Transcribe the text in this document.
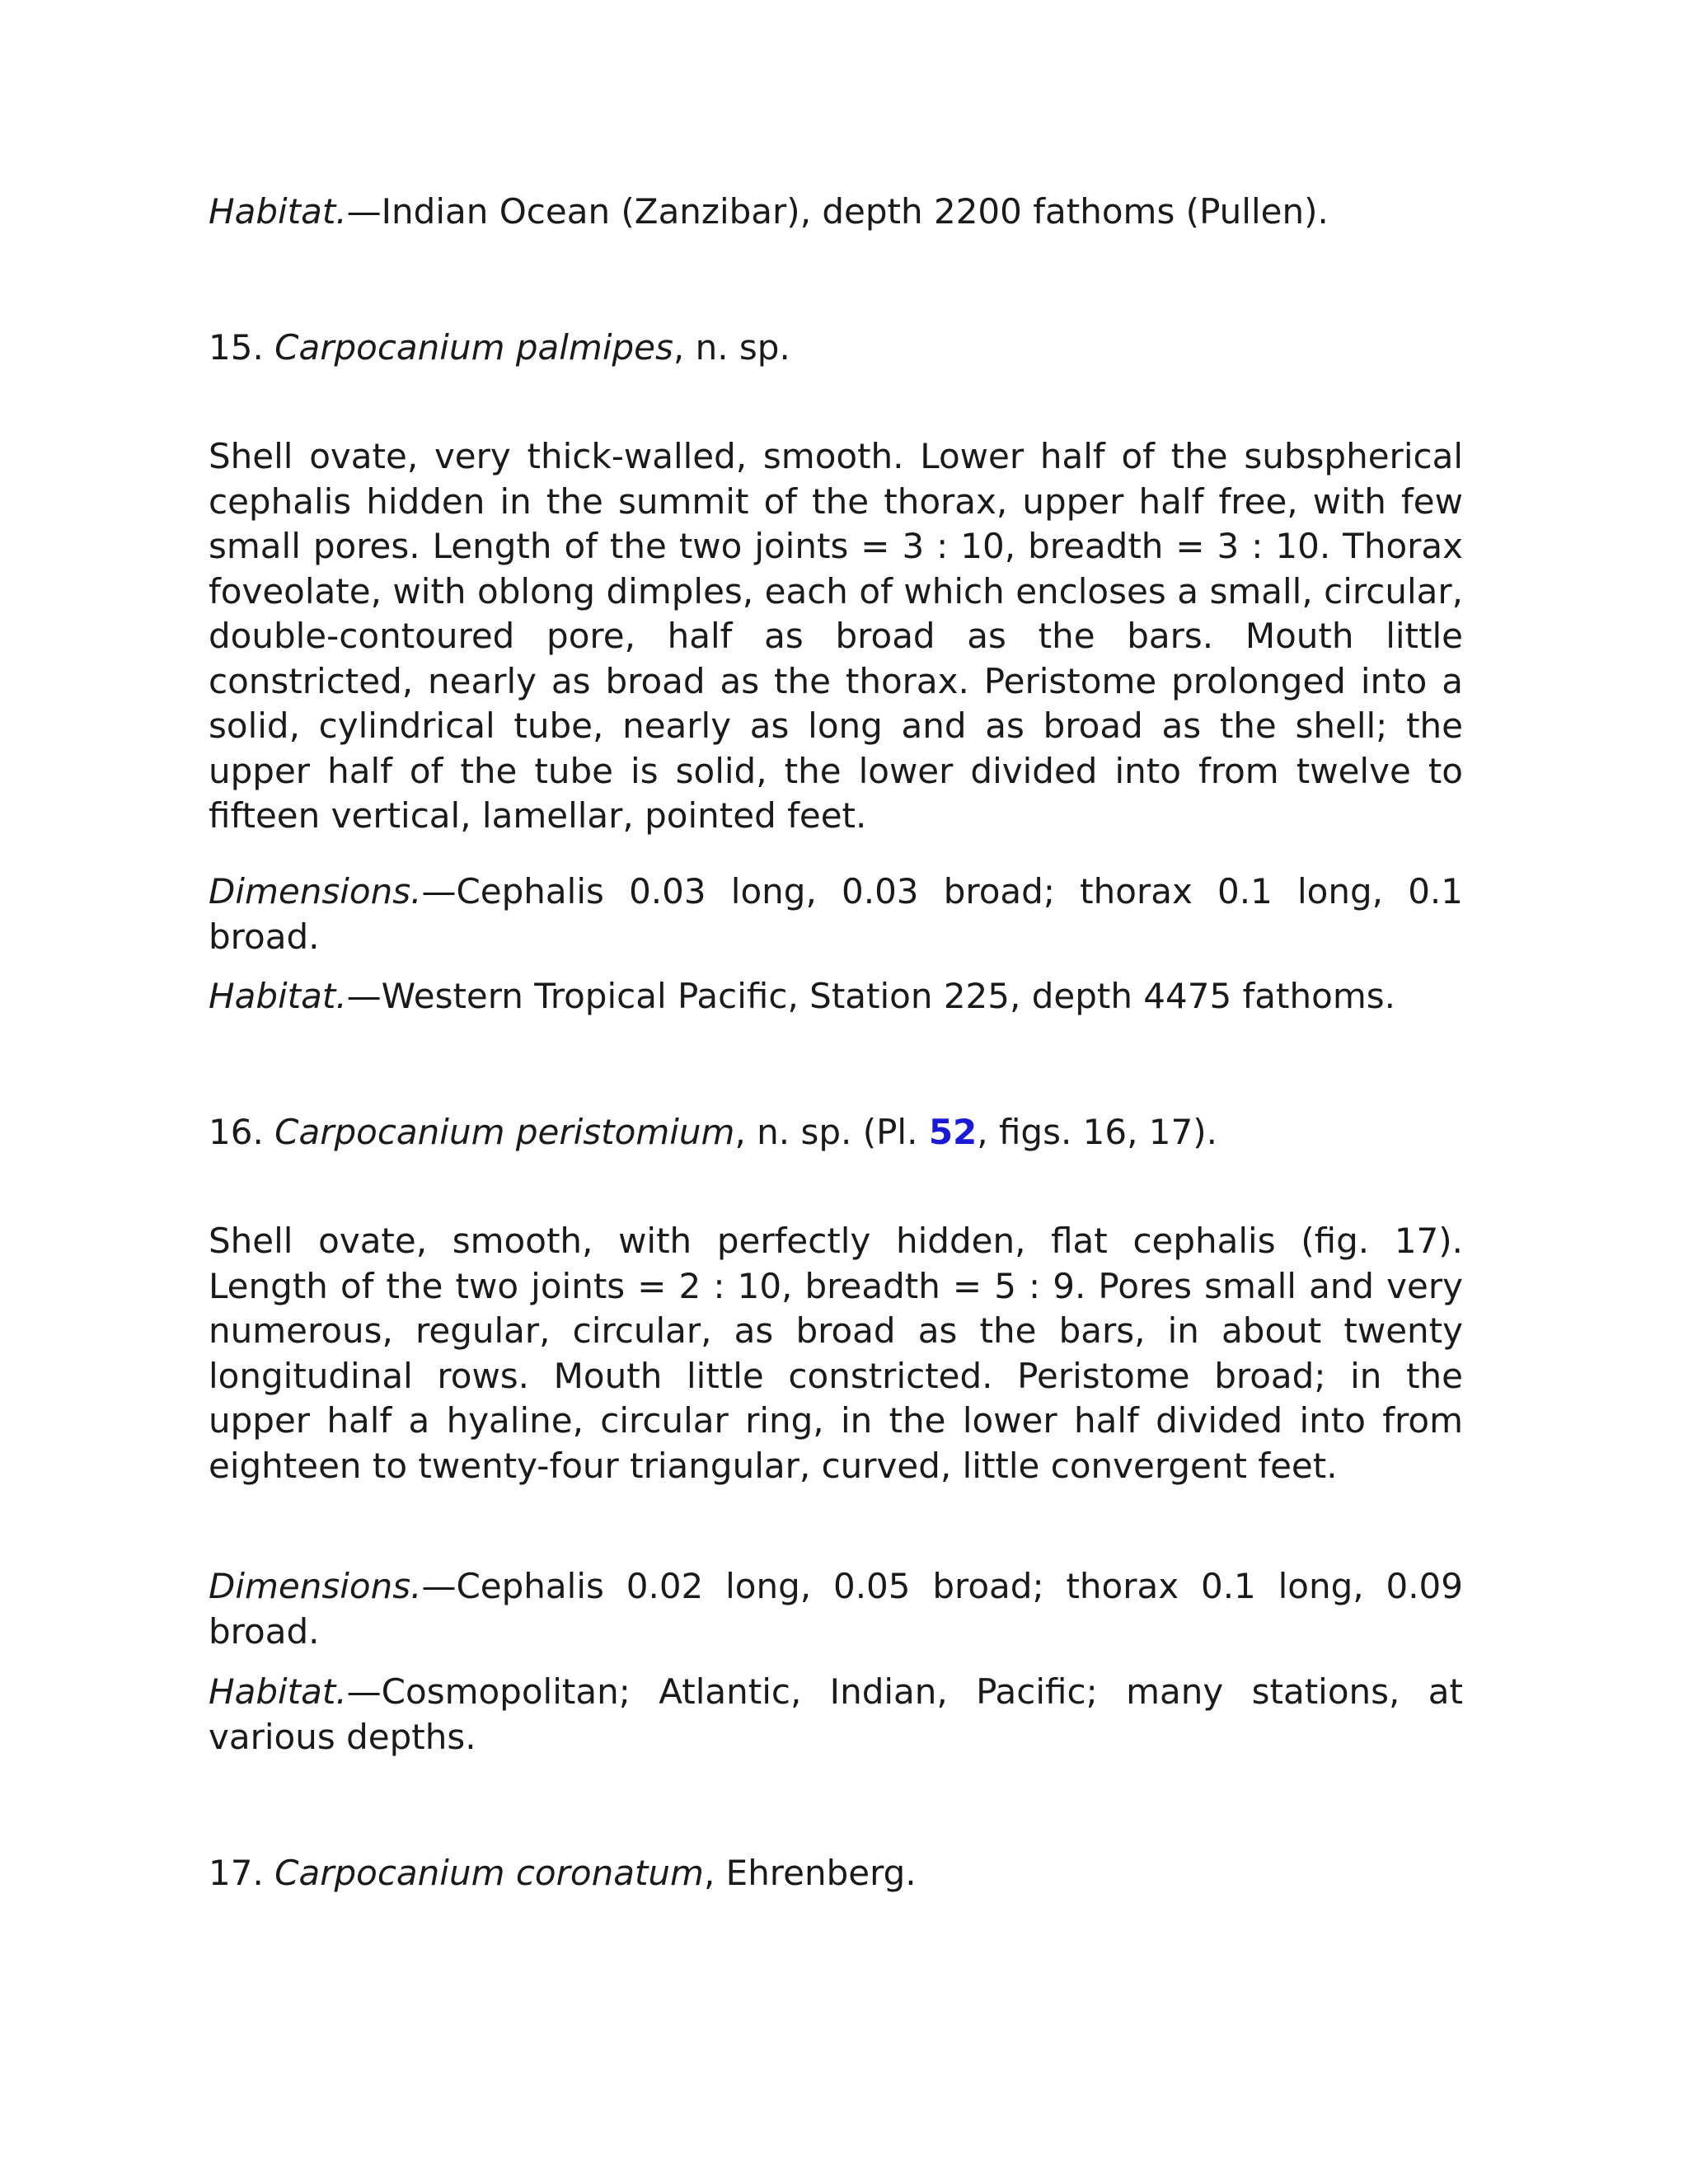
Habitat.—Indian Ocean (Zanzibar), depth 2200 fathoms (Pullen).

15. Carpocanium palmipes, n. sp.

Shell ovate, very thick-walled, smooth. Lower half of the subspherical cephalis hidden in the summit of the thorax, upper half free, with few small pores. Length of the two joints = 3 : 10, breadth = 3 : 10. Thorax foveolate, with oblong dimples, each of which encloses a small, circular, double-contoured pore, half as broad as the bars. Mouth little constricted, nearly as broad as the thorax. Peristome prolonged into a solid, cylindrical tube, nearly as long and as broad as the shell; the upper half of the tube is solid, the lower divided into from twelve to fifteen vertical, lamellar, pointed feet.

Dimensions.—Cephalis 0.03 long, 0.03 broad; thorax 0.1 long, 0.1 broad.

Habitat.—Western Tropical Pacific, Station 225, depth 4475 fathoms.

16. Carpocanium peristomium, n. sp. (Pl. 52, figs. 16, 17).

Shell ovate, smooth, with perfectly hidden, flat cephalis (fig. 17). Length of the two joints = 2 : 10, breadth = 5 : 9. Pores small and very numerous, regular, circular, as broad as the bars, in about twenty longitudinal rows. Mouth little constricted. Peristome broad; in the upper half a hyaline, circular ring, in the lower half divided into from eighteen to twenty-four triangular, curved, little convergent feet.

Dimensions.—Cephalis 0.02 long, 0.05 broad; thorax 0.1 long, 0.09 broad.

Habitat.—Cosmopolitan; Atlantic, Indian, Pacific; many stations, at various depths.

17. Carpocanium coronatum, Ehrenberg.
